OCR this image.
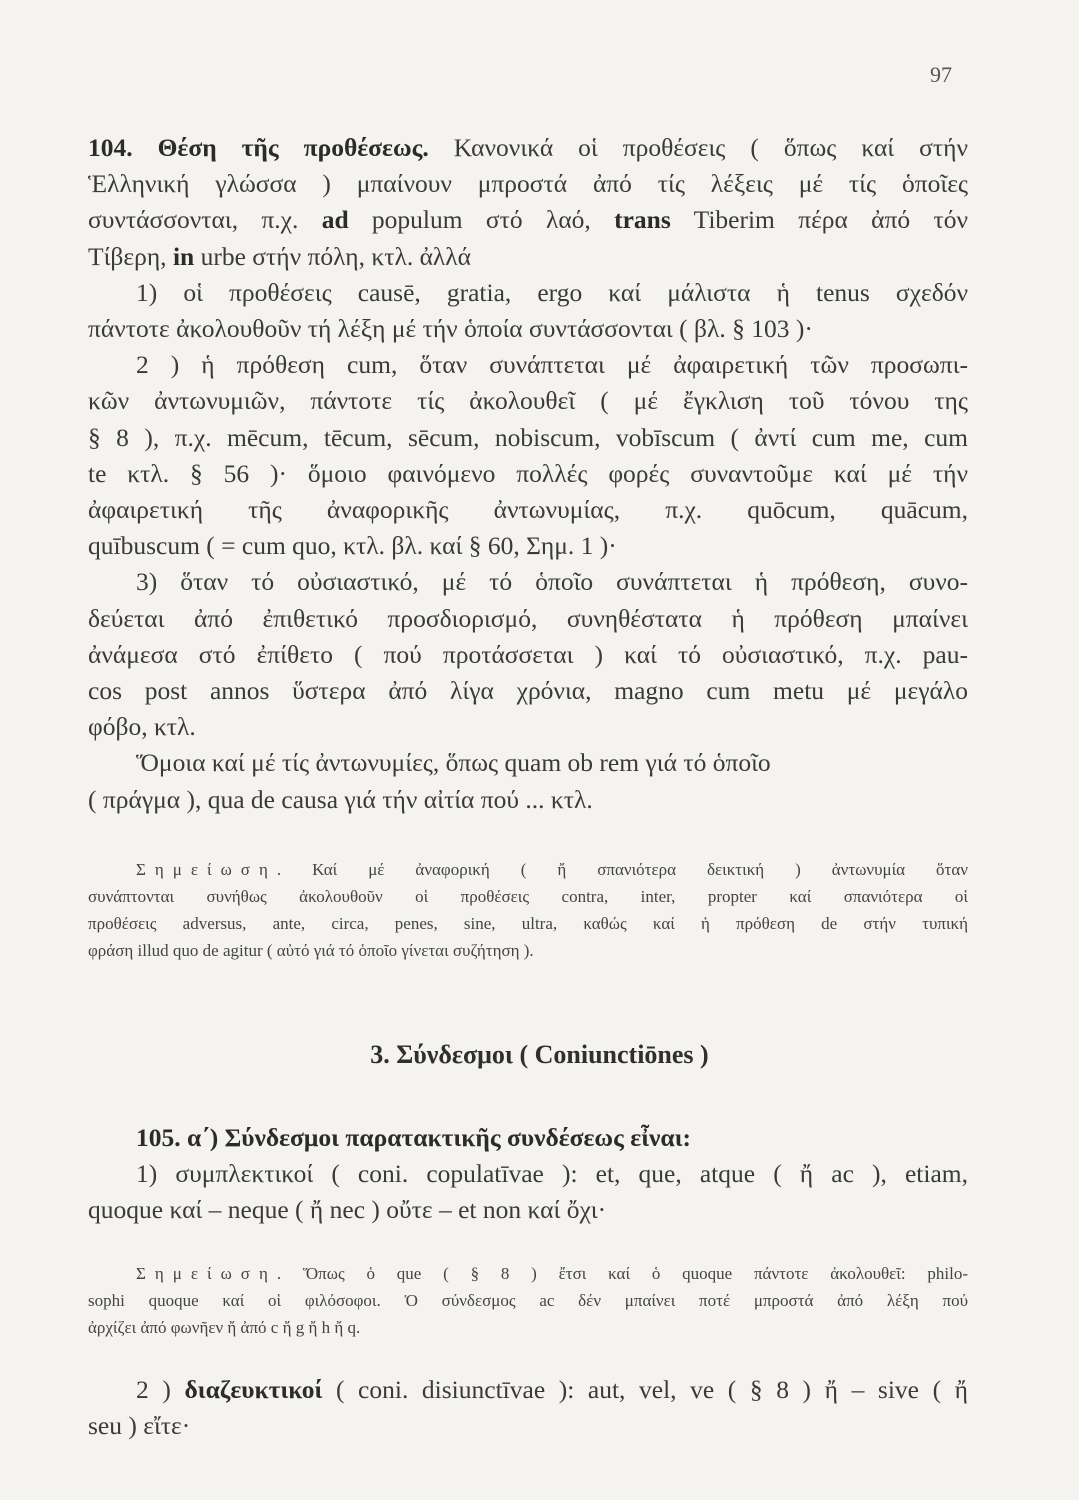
97
104. Θέση τῆς προθέσεως. Κανονικά οἱ προθέσεις ( ὅπως καί στήν
Ἑλληνική γλώσσα ) μπαίνουν μπροστά ἀπό τίς λέξεις μέ τίς ὁποῖες
συντάσσονται, π.χ. ad populum στό λαό, trans Tiberim πέρα ἀπό τόν
Τίβερη, in urbe στήν πόλη, κτλ. ἀλλά
1) οἱ προθέσεις causē, gratia, ergo καί μάλιστα ἡ tenus σχεδόν
πάντοτε ἀκολουθοῦν τή λέξη μέ τήν ὁποία συντάσσονται ( βλ. § 103 )·
2 ) ἡ πρόθεση cum, ὅταν συνάπτεται μέ ἀφαιρετική τῶν προσωπι-
κῶν ἀντωνυμιῶν, πάντοτε τίς ἀκολουθεῖ ( μέ ἔγκλιση τοῦ τόνου της
§ 8 ), π.χ. mēcum, tēcum, sēcum, nobiscum, vobīscum ( ἀντί cum me, cum
te κτλ. § 56 )· ὅμοιο φαινόμενο πολλές φορές συναντοῦμε καί μέ τήν
ἀφαιρετική τῆς ἀναφορικῆς ἀντωνυμίας, π.χ. quōcum, quācum,
quībuscum ( = cum quo, κτλ. βλ. καί § 60, Σημ. 1 )·
3) ὅταν τό οὐσιαστικό, μέ τό ὁποῖο συνάπτεται ἡ πρόθεση, συνο-
δεύεται ἀπό ἐπιθετικό προσδιορισμό, συνηθέστατα ἡ πρόθεση μπαίνει
ἀνάμεσα στό ἐπίθετο ( πού προτάσσεται ) καί τό οὐσιαστικό, π.χ. pau-
cos post annos ὕστερα ἀπό λίγα χρόνια, magno cum metu μέ μεγάλο
φόβο, κτλ.
Ὅμοια καί μέ τίς ἀντωνυμίες, ὅπως quam ob rem γιά τό ὁποῖο
( πράγμα ), qua de causa γιά τήν αἰτία πού ... κτλ.
Σημείωση. Καί μέ ἀναφορική ( ἤ σπανιότερα δεικτική ) ἀντωνυμία ὅταν
συνάπτονται συνήθως ἀκολουθοῦν οἱ προθέσεις contra, inter, propter καί σπανιότερα οἱ
προθέσεις adversus, ante, circa, penes, sine, ultra, καθώς καί ἡ πρόθεση de στήν τυπική
φράση illud quo de agitur ( αὐτό γιά τό ὁποῖο γίνεται συζήτηση ).
3. Σύνδεσμοι ( Coniunctiōnes )
105. α΄) Σύνδεσμοι παρατακτικῆς συνδέσεως εἶναι:
1) συμπλεκτικοί ( coni. copulatīvae ): et, que, atque ( ἤ ac ), etiam,
quoque καί – neque ( ἤ nec ) οὔτε – et non καί ὄχι·
Σημείωση. Ὅπως ὁ que ( § 8 ) ἔτσι καί ὁ quoque πάντοτε ἀκολουθεῖ: philo-
sophi quoque καί οἱ φιλόσοφοι. Ὁ σύνδεσμος ac δέν μπαίνει ποτέ μπροστά ἀπό λέξη πού
ἀρχίζει ἀπό φωνῆεν ἤ ἀπό c ἤ g ἤ h ἤ q.
2 ) διαζευκτικοί ( coni. disiunctīvae ): aut, vel, ve ( § 8 ) ἤ – sive ( ἤ
seu ) εἴτε·
